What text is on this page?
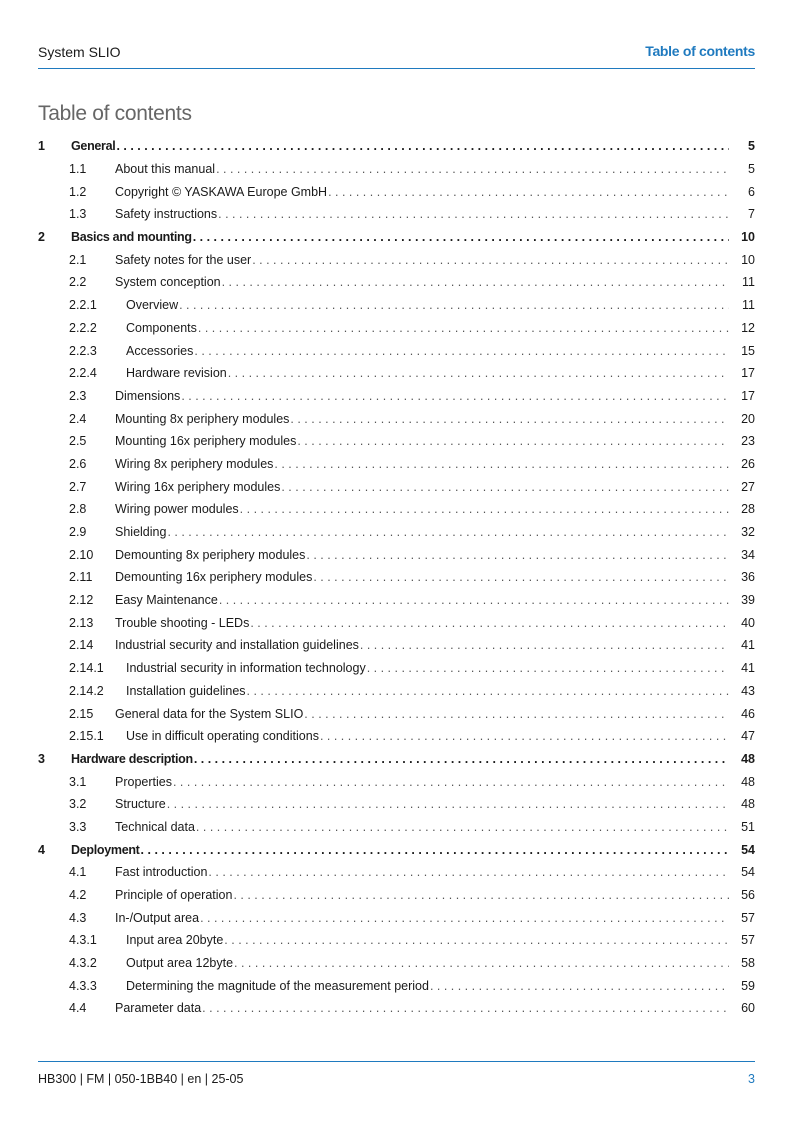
System SLIO	Table of contents
Table of contents
1 General . . .	5
1.1 About this manual . . .	5
1.2 Copyright © YASKAWA Europe GmbH . . .	6
1.3 Safety instructions . . .	7
2 Basics and mounting . . .	10
2.1 Safety notes for the user . . .	10
2.2 System conception . . .	11
2.2.1 Overview . . .	11
2.2.2 Components . . .	12
2.2.3 Accessories . . .	15
2.2.4 Hardware revision . . .	17
2.3 Dimensions . . .	17
2.4 Mounting 8x periphery modules . . .	20
2.5 Mounting 16x periphery modules . . .	23
2.6 Wiring 8x periphery modules . . .	26
2.7 Wiring 16x periphery modules . . .	27
2.8 Wiring power modules . . .	28
2.9 Shielding . . .	32
2.10 Demounting 8x periphery modules . . .	34
2.11 Demounting 16x periphery modules . . .	36
2.12 Easy Maintenance . . .	39
2.13 Trouble shooting - LEDs . . .	40
2.14 Industrial security and installation guidelines . . .	41
2.14.1 Industrial security in information technology . . .	41
2.14.2 Installation guidelines . . .	43
2.15 General data for the System SLIO . . .	46
2.15.1 Use in difficult operating conditions . . .	47
3 Hardware description . . .	48
3.1 Properties . . .	48
3.2 Structure . . .	48
3.3 Technical data . . .	51
4 Deployment . . .	54
4.1 Fast introduction . . .	54
4.2 Principle of operation . . .	56
4.3 In-/Output area . . .	57
4.3.1 Input area 20byte . . .	57
4.3.2 Output area 12byte . . .	58
4.3.3 Determining the magnitude of the measurement period . . .	59
4.4 Parameter data . . .	60
HB300 | FM | 050-1BB40 | en | 25-05	3
